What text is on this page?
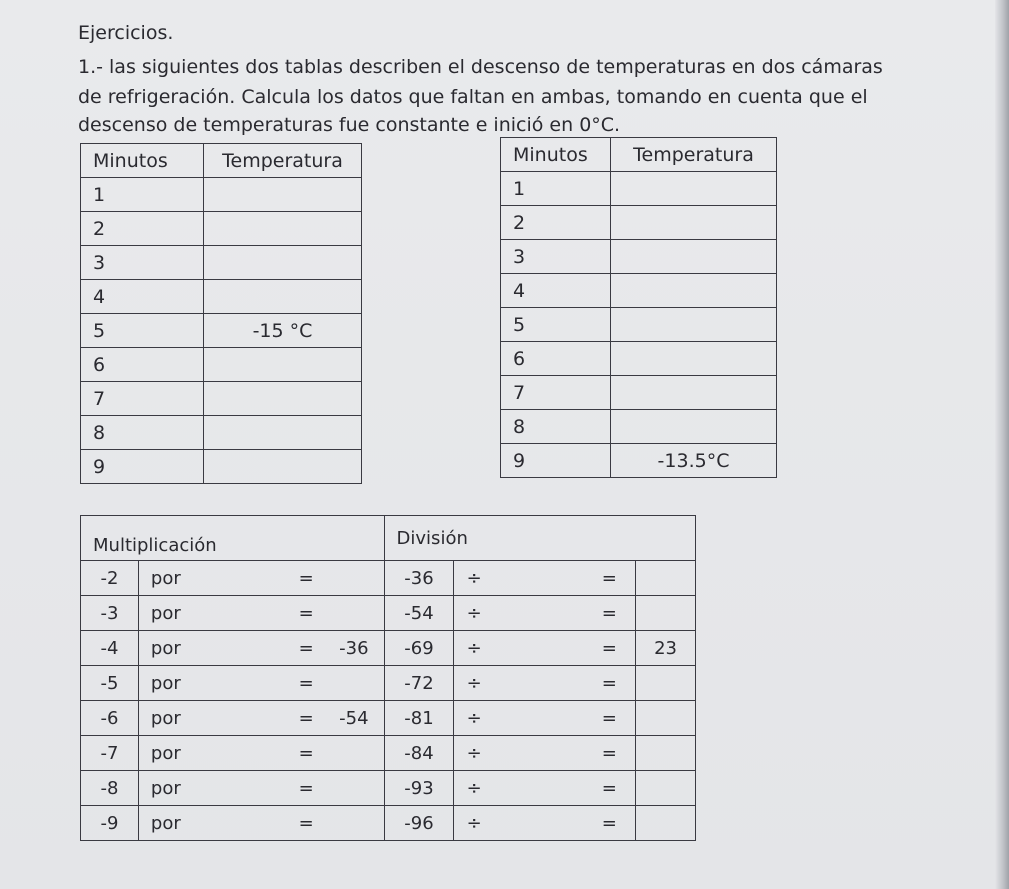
Ejercicios.
1.- las siguientes dos tablas describen el descenso de temperaturas en dos cámaras
de refrigeración. Calcula los datos que faltan en ambas, tomando en cuenta que el
descenso de temperaturas fue constante e inició en 0°C.
Minutos	Temperatura
1	
2	
3	
4	
5	-15 °C
6	
7	
8	
9	
Minutos	Temperatura
1	
2	
3	
4	
5	
6	
7	
8	
9	-13.5°C
Multiplicación				División				
-2	por	=		-36	÷		=	
-3	por	=		-54	÷		=	
-4	por	=	-36	-69	÷		=	23
-5	por	=		-72	÷		=	
-6	por	=	-54	-81	÷		=	
-7	por	=		-84	÷		=	
-8	por	=		-93	÷		=	
-9	por	=		-96	÷		=	
